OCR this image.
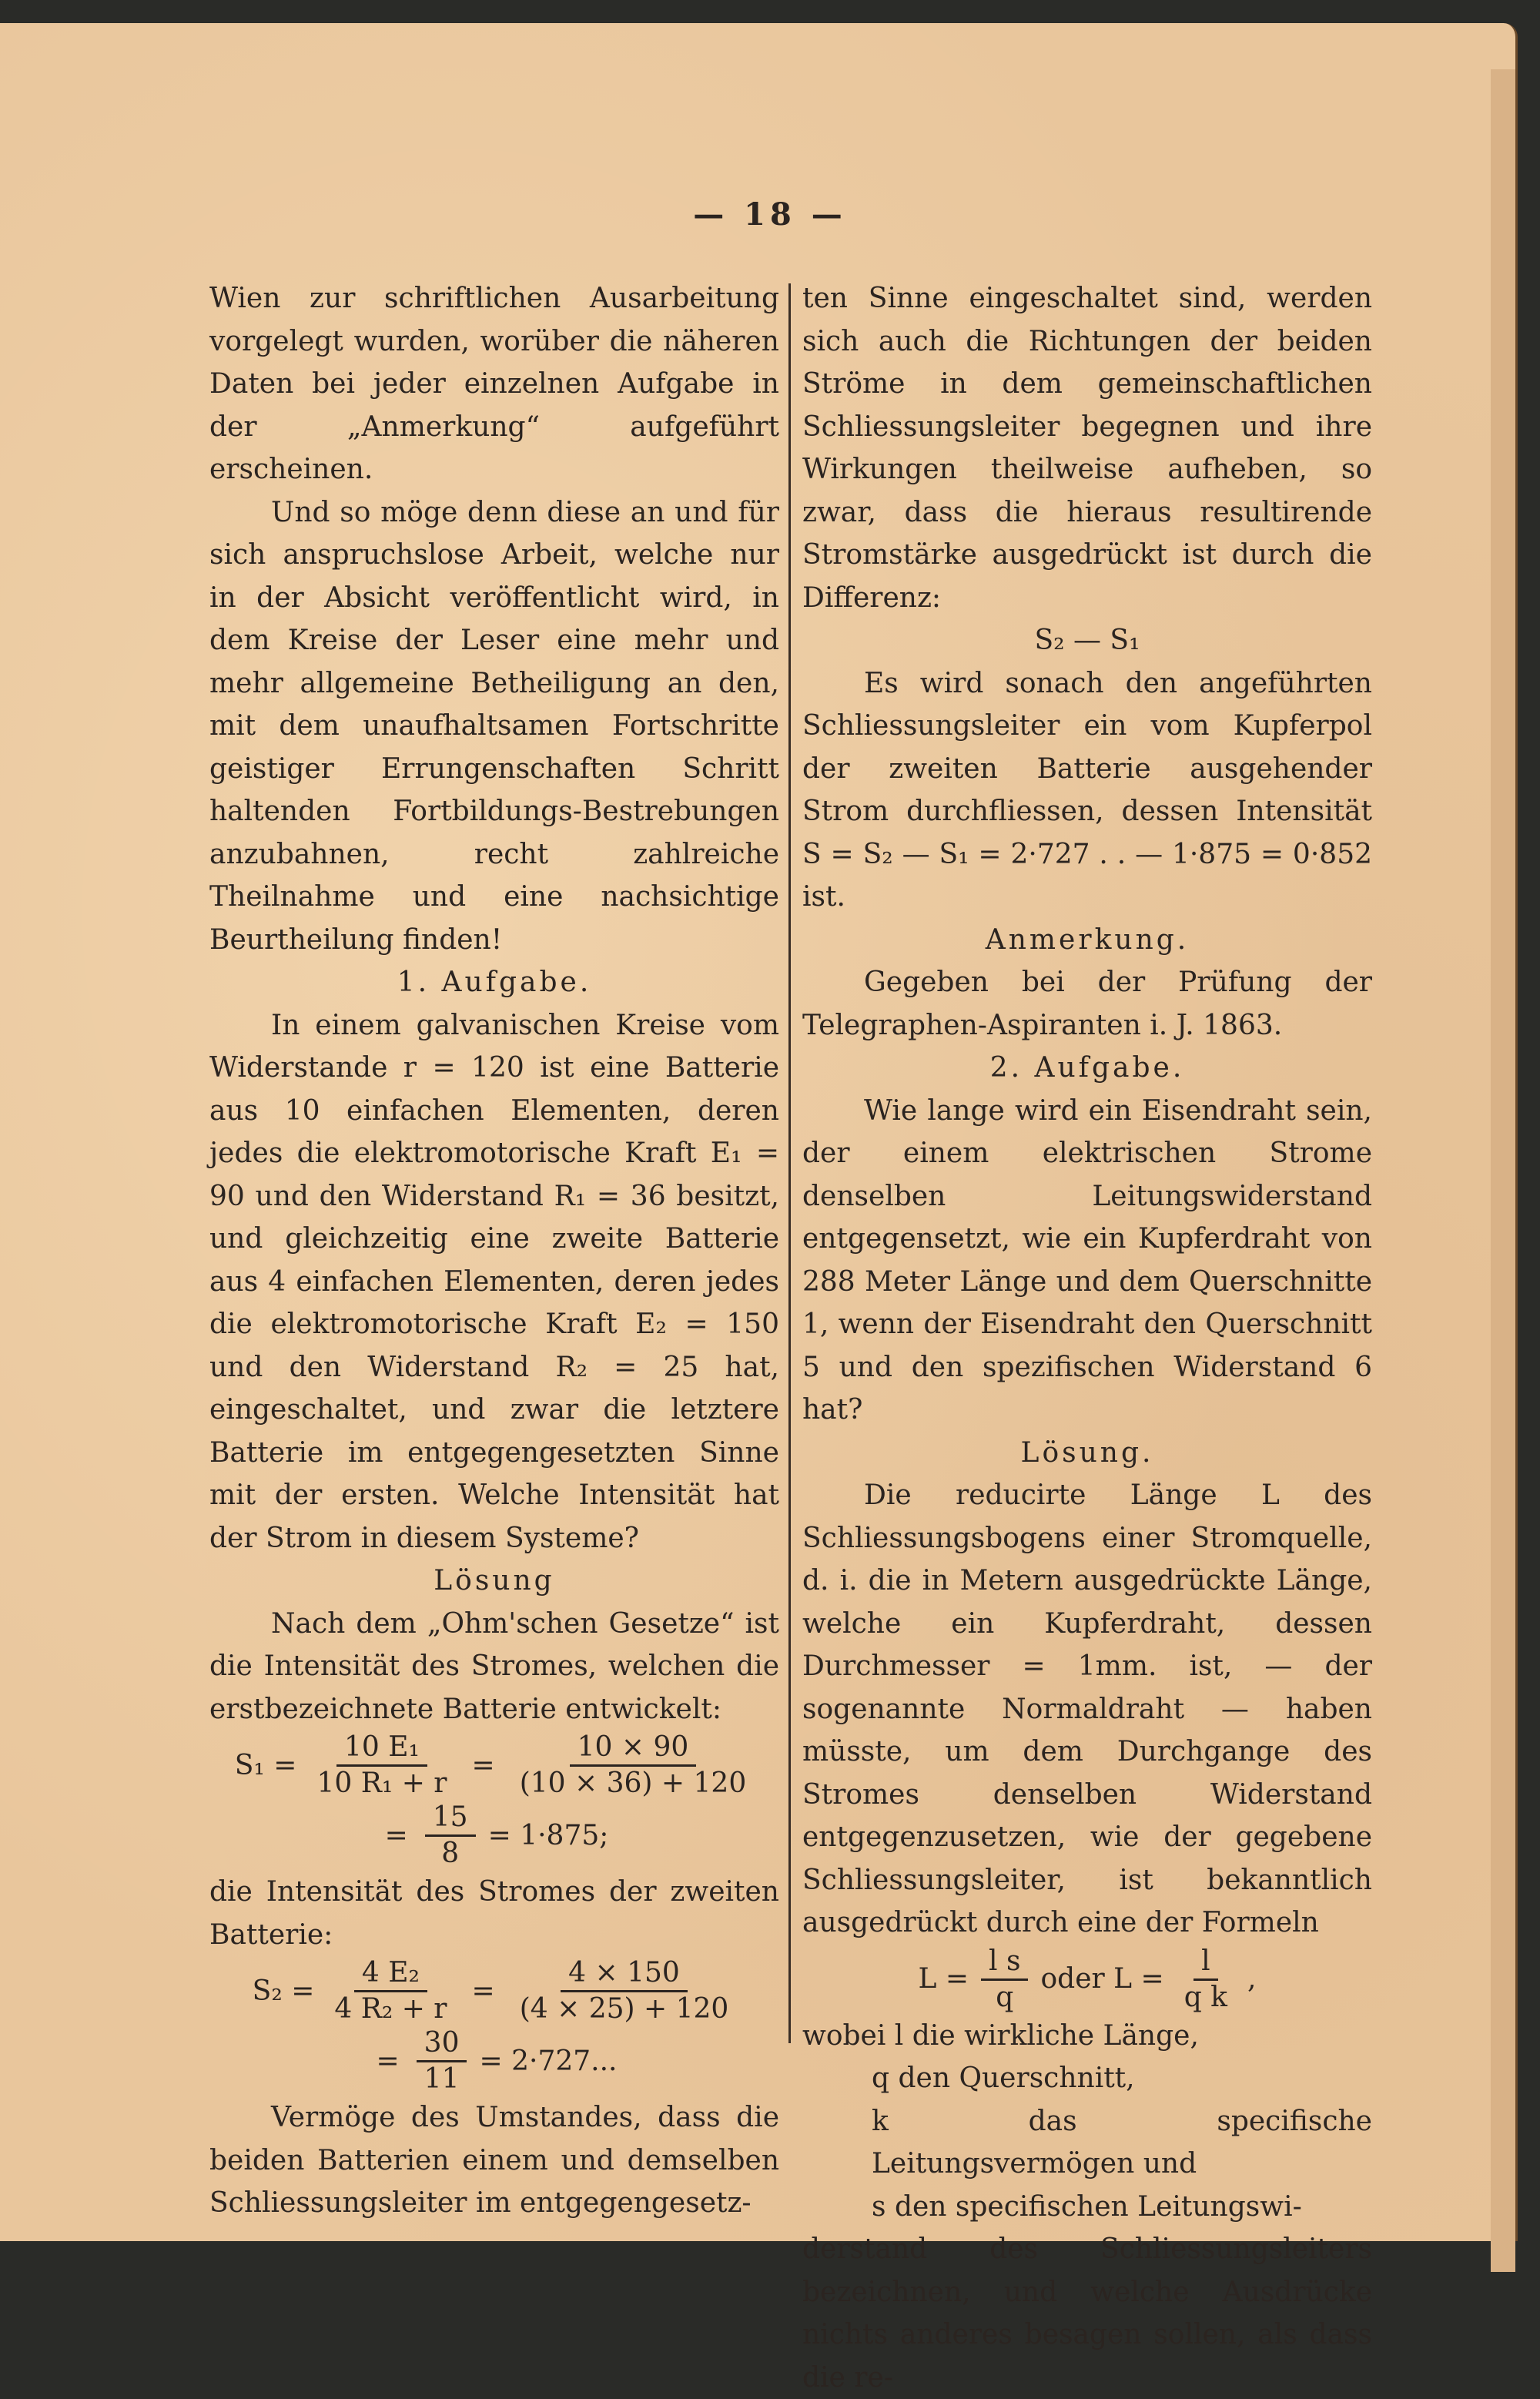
— 18 —

Wien zur schriftlichen Ausarbeitung vorgelegt wurden, worüber die näheren Daten bei jeder einzelnen Aufgabe in der „Anmerkung“ aufgeführt erscheinen.

Und so möge denn diese an und für sich anspruchslose Arbeit, welche nur in der Absicht veröffentlicht wird, in dem Kreise der Leser eine mehr und mehr allgemeine Betheiligung an den, mit dem unaufhaltsamen Fortschritte geistiger Errungenschaften Schritt haltenden Fortbildungs-Bestrebungen anzubahnen, recht zahlreiche Theilnahme und eine nachsichtige Beurtheilung finden!

1. Aufgabe.

In einem galvanischen Kreise vom Widerstande r = 120 ist eine Batterie aus 10 einfachen Elementen, deren jedes die elektromotorische Kraft E₁ = 90 und den Widerstand R₁ = 36 besitzt, und gleichzeitig eine zweite Batterie aus 4 einfachen Elementen, deren jedes die elektromotorische Kraft E₂ = 150 und den Widerstand R₂ = 25 hat, eingeschaltet, und zwar die letztere Batterie im entgegengesetzten Sinne mit der ersten. Welche Intensität hat der Strom in diesem Systeme?

Lösung

Nach dem „Ohm'schen Gesetze“ ist die Intensität des Stromes, welchen die erstbezeichnete Batterie entwickelt:

$S_1 = \frac{\text{10 E₁}}{\text{10 R₁ + r}} = \frac{10 \times 90}{(10 \times 36) + 120}$
= $\frac{15}{8} = 1\cdot 875$;

die Intensität des Stromes der zweiten Batterie:

$S_2 = \frac{\text{4 E₂}}{\text{4 R₂ + r}} = \frac{4 \times 150}{(4 \times 25) + 120}$
= $\frac{30}{11} = 2\cdot 727$...

Vermöge des Umstandes, dass die beiden Batterien einem und demselben Schliessungsleiter im entgegengesetz-

ten Sinne eingeschaltet sind, werden sich auch die Richtungen der beiden Ströme in dem gemeinschaftlichen Schliessungsleiter begegnen und ihre Wirkungen theilweise aufheben, so zwar, dass die hieraus resultirende Stromstärke ausgedrückt ist durch die Differenz:

S₂ — S₁

Es wird sonach den angeführten Schliessungsleiter ein vom Kupferpol der zweiten Batterie ausgehender Strom durchfliessen, dessen Intensität S = S₂ — S₁ = 2·727 . . — 1·875 = 0·852 ist.

Anmerkung.

Gegeben bei der Prüfung der Telegraphen-Aspiranten i. J. 1863.

2. Aufgabe.

Wie lange wird ein Eisendraht sein, der einem elektrischen Strome denselben Leitungswiderstand entgegensetzt, wie ein Kupferdraht von 288 Meter Länge und dem Querschnitte 1, wenn der Eisendraht den Querschnitt 5 und den spezifischen Widerstand 6 hat?

Lösung.

Die reducirte Länge L des Schliessungsbogens einer Stromquelle, d. i. die in Metern ausgedrückte Länge, welche ein Kupferdraht, dessen Durchmesser = 1mm. ist, — der sogenannte Normaldraht — haben müsste, um dem Durchgange des Stromes denselben Widerstand entgegenzusetzen, wie der gegebene Schliessungsleiter, ist bekanntlich ausgedrückt durch eine der Formeln

$L = \frac{\text{l s}}{q}$ oder $L = \frac{l}{\text{q k}}$ ,

wobei l die wirkliche Länge,

q den Querschnitt,

k	das specifische Leitungsvermögen und

s den specifischen Leitungswi-

derstand des Schliessungsleiters bezeichnen, und welche Ausdrücke nichts anderes besagen sollen, als dass die re-
